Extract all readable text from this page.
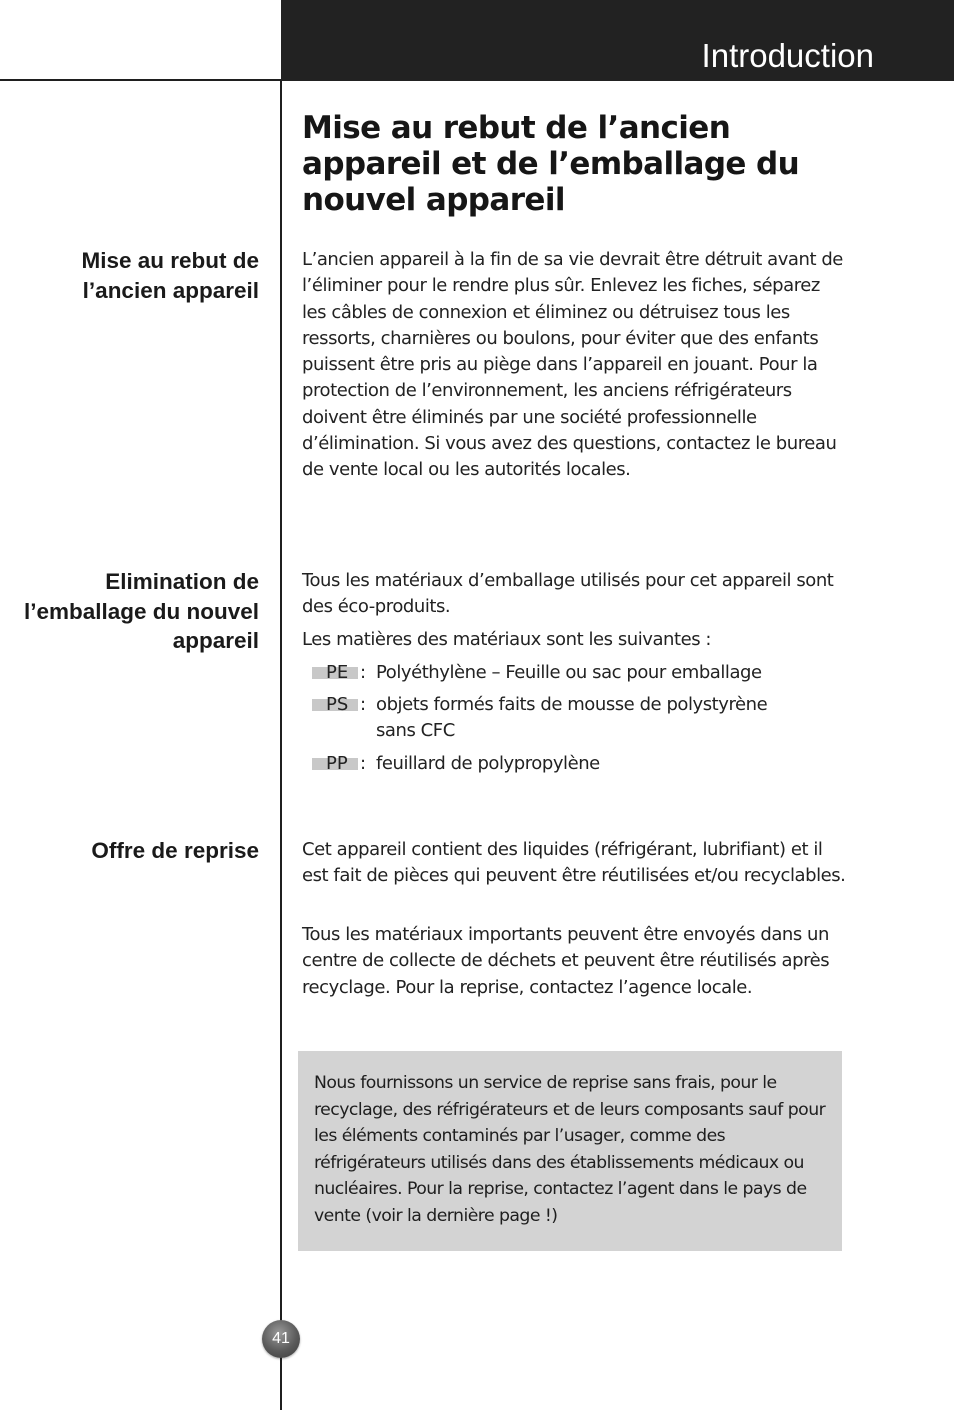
Introduction
Mise au rebut de l’ancien appareil et de l’emballage du nouvel appareil
Mise au rebut de l’ancien appareil

L’ancien appareil à la fin de sa vie devrait être détruit avant de l’éliminer pour le rendre plus sûr. Enlevez les fiches, séparez les câbles de connexion et éliminez ou détruisez tous les ressorts, charnières ou boulons, pour éviter que des enfants puissent être pris au piège dans l’appareil en jouant. Pour la protection de l’environnement, les anciens réfrigérateurs doivent être éliminés par une société professionnelle d’élimination. Si vous avez des questions, contactez le bureau de vente local ou les autorités locales.

Elimination de l’emballage du nouvel appareil

Tous les matériaux d’emballage utilisés pour cet appareil sont des éco-produits.

Les matières des matériaux sont les suivantes :

PE : Polyéthylène – Feuille ou sac pour emballage
PS : objets formés faits de mousse de polystyrène sans CFC
PP : feuillard de polypropylène
Offre de reprise Cet appareil contient des liquides (réfrigérant, lubrifiant) et il est fait de pièces qui peuvent être réutilisées et/ou recyclables.

Tous les matériaux importants peuvent être envoyés dans un centre de collecte de déchets et peuvent être réutilisés après recyclage. Pour la reprise, contactez l’agence locale.

Nous fournissons un service de reprise sans frais, pour le recyclage, des réfrigérateurs et de leurs composants sauf pour les éléments contaminés par l’usager, comme des réfrigérateurs utilisés dans des établissements médicaux ou nucléaires. Pour la reprise, contactez l’agent dans le pays de vente (voir la dernière page !)

41
